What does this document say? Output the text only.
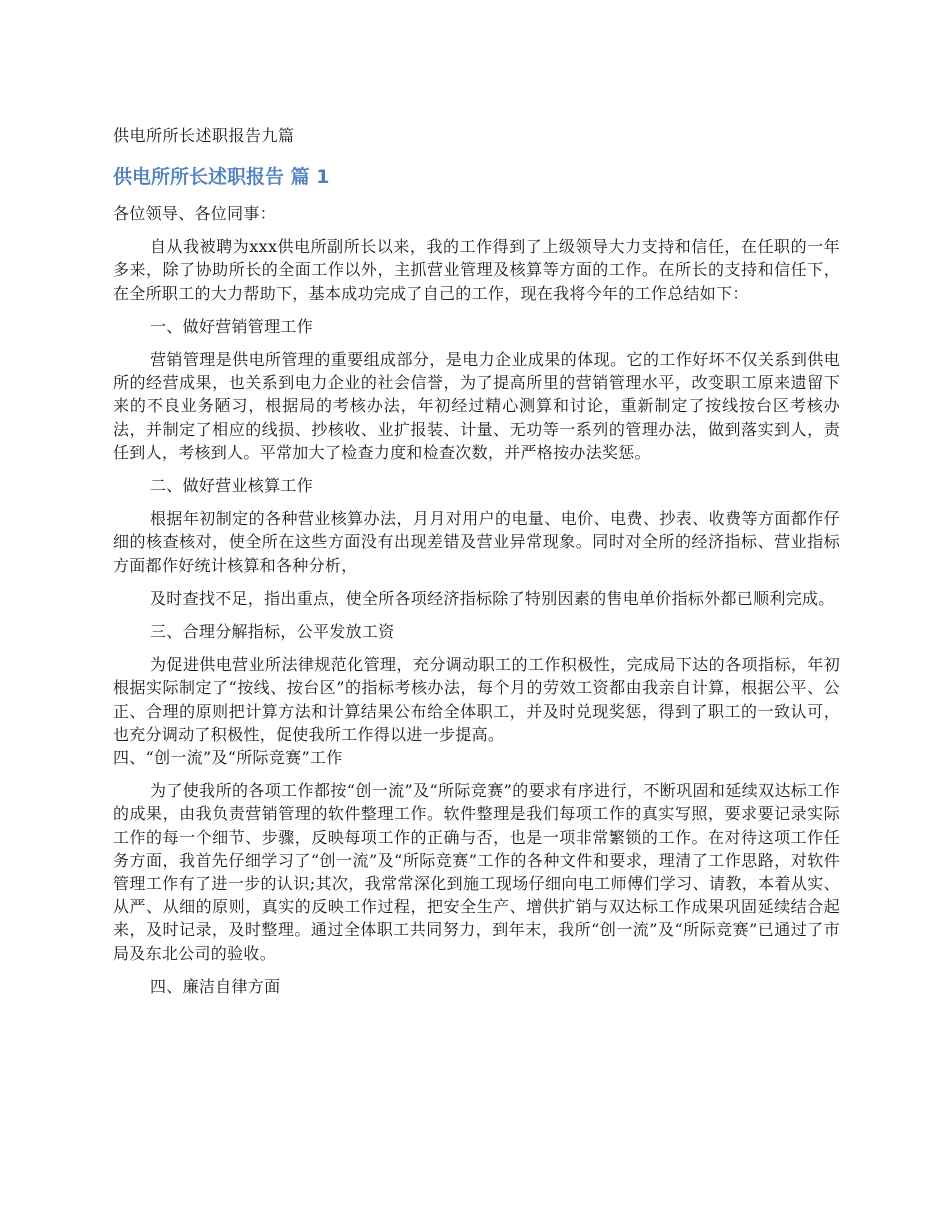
供电所所长述职报告九篇
供电所所长述职报告 篇 1

各位领导、各位同事：

自从我被聘为xxx供电所副所长以来，我的工作得到了上级领导大力支持和信任，在任职的一年多来，除了协助所长的全面工作以外，主抓营业管理及核算等方面的工作。在所长的支持和信任下，在全所职工的大力帮助下，基本成功完成了自己的工作，现在我将今年的工作总结如下：

一、做好营销管理工作

营销管理是供电所管理的重要组成部分，是电力企业成果的体现。它的工作好坏不仅关系到供电所的经营成果，也关系到电力企业的社会信誉，为了提高所里的营销管理水平，改变职工原来遗留下来的不良业务陋习，根据局的考核办法，年初经过精心测算和讨论，重新制定了按线按台区考核办法，并制定了相应的线损、抄核收、业扩报装、计量、无功等一系列的管理办法，做到落实到人，责任到人，考核到人。平常加大了检查力度和检查次数，并严格按办法奖惩。

二、做好营业核算工作

根据年初制定的各种营业核算办法，月月对用户的电量、电价、电费、抄表、收费等方面都作仔细的核查核对，使全所在这些方面没有出现差错及营业异常现象。同时对全所的经济指标、营业指标方面都作好统计核算和各种分析，

及时查找不足，指出重点，使全所各项经济指标除了特别因素的售电单价指标外都已顺利完成。

三、合理分解指标，公平发放工资

为促进供电营业所法律规范化管理，充分调动职工的工作积极性，完成局下达的各项指标，年初根据实际制定了“按线、按台区”的指标考核办法，每个月的劳效工资都由我亲自计算，根据公平、公正、合理的原则把计算方法和计算结果公布给全体职工，并及时兑现奖惩，得到了职工的一致认可，也充分调动了积极性，促使我所工作得以进一步提高。

四、“创一流”及“所际竞赛”工作

为了使我所的各项工作都按“创一流”及“所际竞赛”的要求有序进行，不断巩固和延续双达标工作的成果，由我负责营销管理的软件整理工作。软件整理是我们每项工作的真实写照，要求要记录实际工作的每一个细节、步骤，反映每项工作的正确与否，也是一项非常繁锁的工作。在对待这项工作任务方面，我首先仔细学习了“创一流”及“所际竞赛”工作的各种文件和要求，理清了工作思路，对软件管理工作有了进一步的认识;其次，我常常深化到施工现场仔细向电工师傅们学习、请教，本着从实、从严、从细的原则，真实的反映工作过程，把安全生产、增供扩销与双达标工作成果巩固延续结合起来，及时记录，及时整理。通过全体职工共同努力，到年末，我所“创一流”及“所际竞赛”已通过了市局及东北公司的验收。

四、廉洁自律方面
